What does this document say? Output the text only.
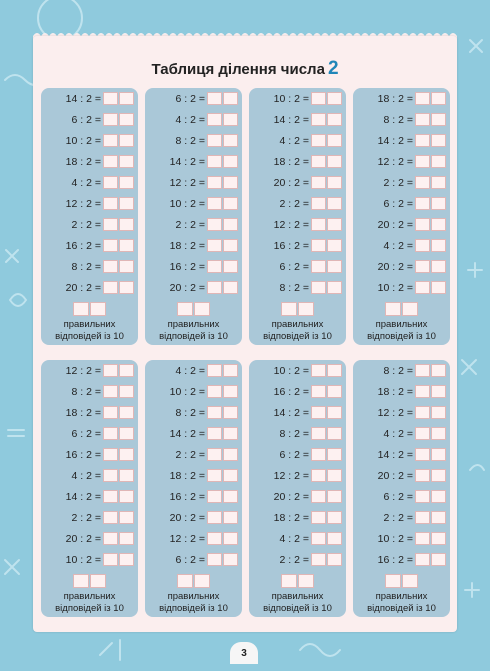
Таблиця ділення числа 2
14 : 2 =
6 : 2 =
10 : 2 =
18 : 2 =
4 : 2 =
12 : 2 =
2 : 2 =
16 : 2 =
8 : 2 =
20 : 2 =
правильних
відповідей із 10
6 : 2 =
4 : 2 =
8 : 2 =
14 : 2 =
12 : 2 =
10 : 2 =
2 : 2 =
18 : 2 =
16 : 2 =
20 : 2 =
правильних
відповідей із 10
10 : 2 =
14 : 2 =
4 : 2 =
18 : 2 =
20 : 2 =
2 : 2 =
12 : 2 =
16 : 2 =
6 : 2 =
8 : 2 =
правильних
відповідей із 10
18 : 2 =
8 : 2 =
14 : 2 =
12 : 2 =
2 : 2 =
6 : 2 =
20 : 2 =
4 : 2 =
20 : 2 =
10 : 2 =
правильних
відповідей із 10
12 : 2 =
8 : 2 =
18 : 2 =
6 : 2 =
16 : 2 =
4 : 2 =
14 : 2 =
2 : 2 =
20 : 2 =
10 : 2 =
правильних
відповідей із 10
4 : 2 =
10 : 2 =
8 : 2 =
14 : 2 =
2 : 2 =
18 : 2 =
16 : 2 =
20 : 2 =
12 : 2 =
6 : 2 =
правильних
відповідей із 10
10 : 2 =
16 : 2 =
14 : 2 =
8 : 2 =
6 : 2 =
12 : 2 =
20 : 2 =
18 : 2 =
4 : 2 =
2 : 2 =
правильних
відповідей із 10
8 : 2 =
18 : 2 =
12 : 2 =
4 : 2 =
14 : 2 =
20 : 2 =
6 : 2 =
2 : 2 =
10 : 2 =
16 : 2 =
правильних
відповідей із 10
3
